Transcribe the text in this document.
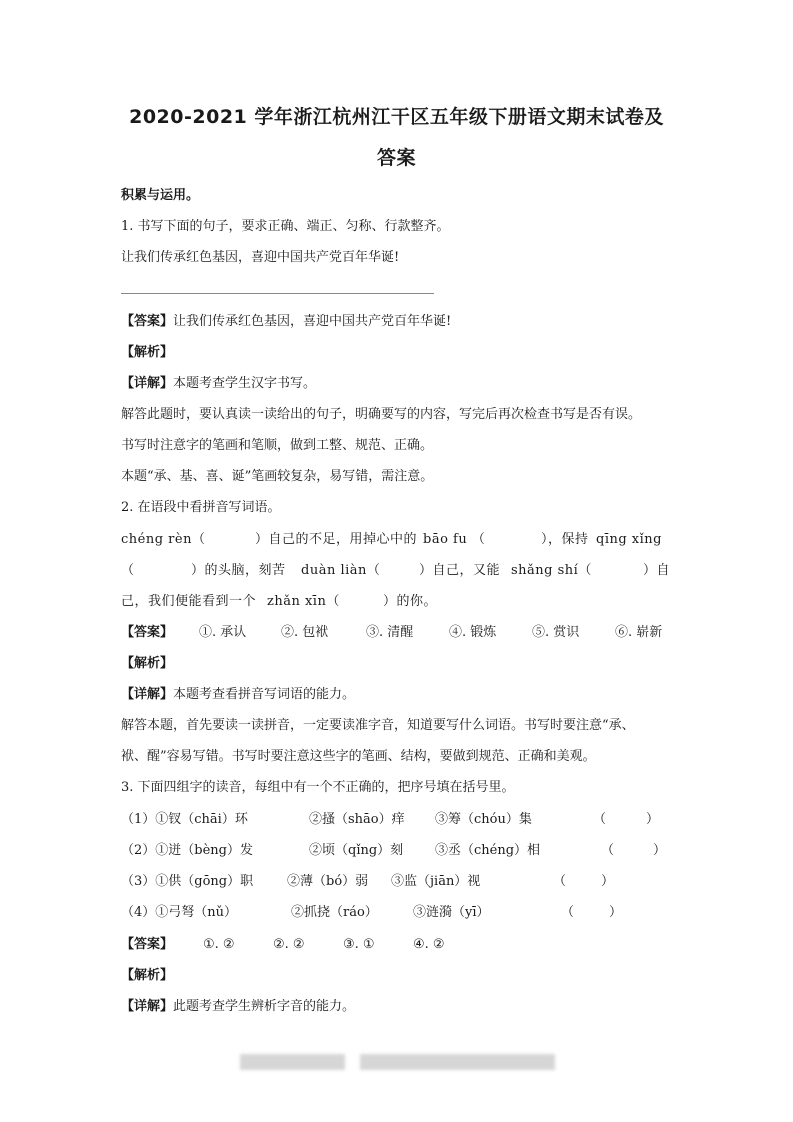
2020-2021 学年浙江杭州江干区五年级下册语文期末试卷及
答案
积累与运用。
1. 书写下面的句子，要求正确、端正、匀称、行款整齐。
让我们传承红色基因，喜迎中国共产党百年华诞!
【答案】让我们传承红色基因，喜迎中国共产党百年华诞!
【解析】
【详解】本题考查学生汉字书写。
解答此题时，要认真读一读给出的句子，明确要写的内容，写完后再次检查书写是否有误。
书写时注意字的笔画和笔顺，做到工整、规范、正确。
本题“承、基、喜、诞”笔画较复杂，易写错，需注意。
2. 在语段中看拼音写词语。
chéng rèn（	）自己的不足，用掉心中的 bāo fu （	），保持 qīng xǐng
（	）的头脑，刻苦 duàn liàn（	）自己，又能 shǎng shí（	）自
己，我们便能看到一个 zhǎn xīn（	）的你。
【答案】 ①. 承认	②. 包袱	③. 清醒	④. 锻炼	⑤. 赏识	⑥. 崭新
【解析】
【详解】本题考查看拼音写词语的能力。
解答本题，首先要读一读拼音，一定要读准字音，知道要写什么词语。书写时要注意“承、
袱、醒”容易写错。书写时要注意这些字的笔画、结构，要做到规范、正确和美观。
3. 下面四组字的读音，每组中有一个不正确的，把序号填在括号里。
（1）①钗（chāi）环	②搔（shāo）痒 ③筹（chóu）集	（	）
（2）①迸（bèng）发	②顷（qǐng）刻 ③丞（chéng）相	（	）
（3）①供（gōng）职	②薄（bó）弱 ③监（jiān）视	（	）
（4）①弓弩（nǔ）	②抓挠（ráo）	③涟漪（yī）	（	）
【答案】 ①. ②	②. ②	③. ①	④. ②
【解析】
【详解】此题考查学生辨析字音的能力。
